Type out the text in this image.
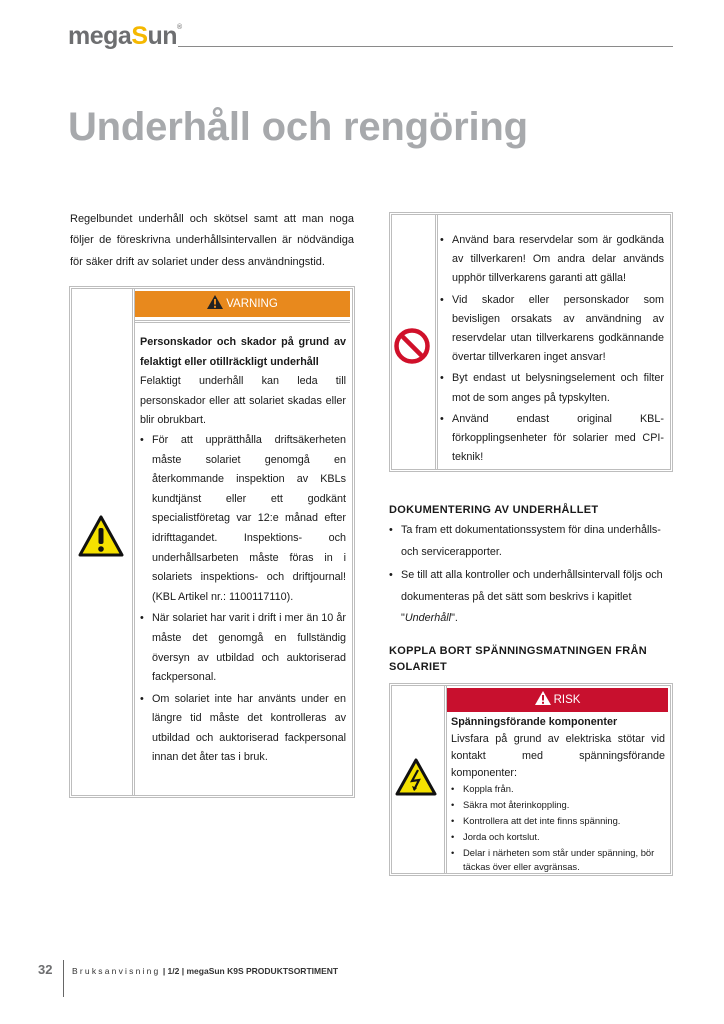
megaSun®
Underhåll och rengöring

Regelbundet underhåll och skötsel samt att man noga följer de föreskrivna underhållsintervallen är nödvändiga för säker drift av solariet under dess användningstid.

VARNING
Personskador och skador på grund av felaktigt eller otillräckligt underhåll
Felaktigt underhåll kan leda till personskador eller att solariet skadas eller blir obrukbart.
• För att upprätthålla driftsäkerheten måste solariet genomgå en återkommande inspektion av KBLs kundtjänst eller ett godkänt specialistföretag var 12:e månad efter idrifttagandet. Inspektions- och underhållsarbeten måste föras in i solariets inspektions- och driftjournal! (KBL Artikel nr.: 1100117110).
• När solariet har varit i drift i mer än 10 år måste det genomgå en fullständig översyn av utbildad och auktoriserad fackpersonal.
• Om solariet inte har använts under en längre tid måste det kontrolleras av utbildad och auktoriserad fackpersonal innan det åter tas i bruk.
• Använd bara reservdelar som är godkända av tillverkaren! Om andra delar används upphör tillverkarens garanti att gälla!
• Vid skador eller personskador som bevisligen orsakats av användning av reservdelar utan tillverkarens godkännande övertar tillverkaren inget ansvar!
• Byt endast ut belysningselement och filter mot de som anges på typskylten.
• Använd endast original KBL-förkopplingsenheter för solarier med CPI-teknik!
DOKUMENTERING AV UNDERHÅLLET
• Ta fram ett dokumentationssystem för dina underhålls- och servicerapporter.
• Se till att alla kontroller och underhållsintervall följs och dokumenteras på det sätt som beskrivs i kapitlet "Underhåll".
KOPPLA BORT SPÄNNINGSMATNINGEN FRÅN SOLARIET
RISK
Spänningsförande komponenter
Livsfara på grund av elektriska stötar vid kontakt med spänningsförande komponenter:
• Koppla från.
• Säkra mot återinkoppling.
• Kontrollera att det inte finns spänning.
• Jorda och kortslut.
• Delar i närheten som står under spänning, bör täckas över eller avgränsas.
32 Bruksanvisning | 1/2 | megaSun K9S PRODUKTSORTIMENT
